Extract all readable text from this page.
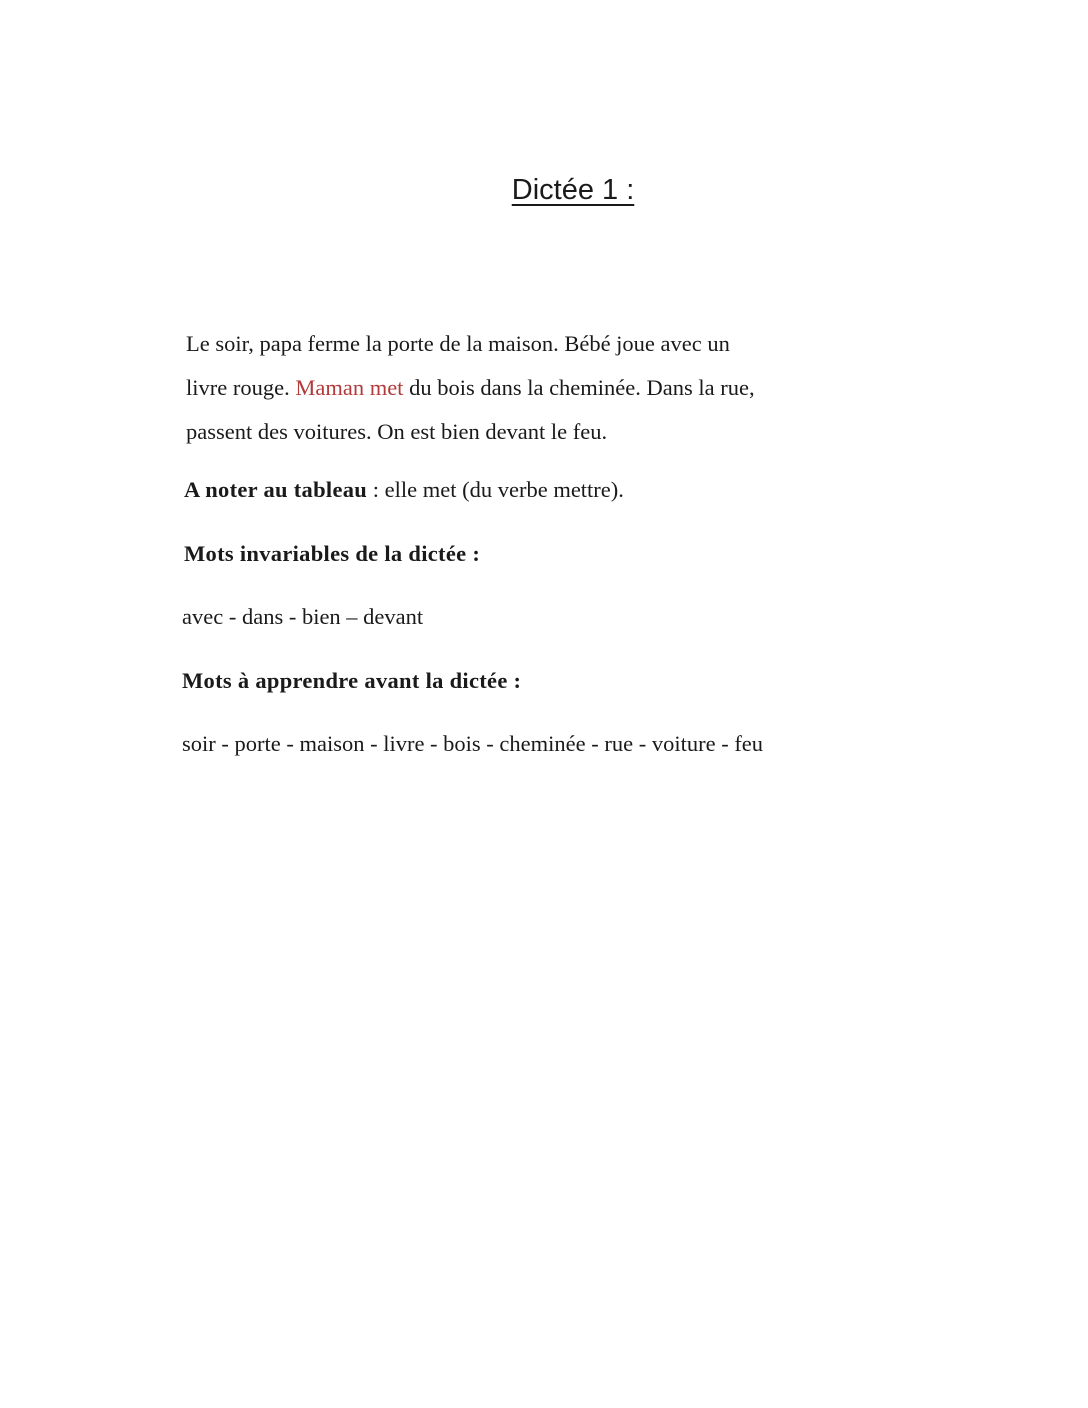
Dictée 1 :
Le soir, papa ferme la porte de la maison. Bébé joue avec un
livre rouge. Maman met du bois dans la cheminée. Dans la rue,
passent des voitures. On est bien devant le feu.
A noter au tableau : elle met (du verbe mettre).
Mots invariables de la dictée :
avec - dans - bien – devant
Mots à apprendre avant la dictée :
soir - porte - maison - livre - bois - cheminée - rue - voiture - feu
